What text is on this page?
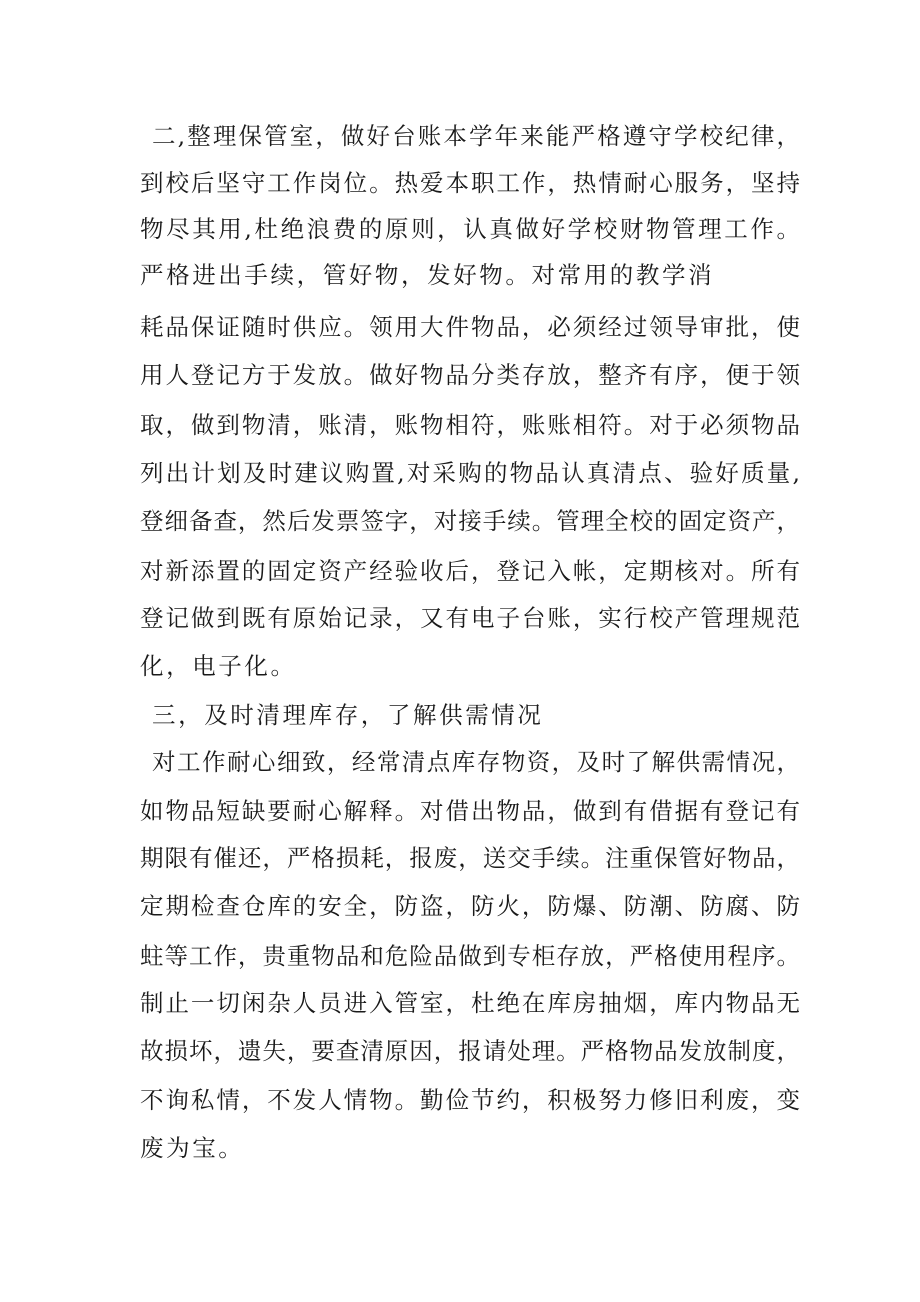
二,整理保管室，做好台账本学年来能严格遵守学校纪律，
到校后坚守工作岗位。热爱本职工作，热情耐心服务，坚持
物尽其用,杜绝浪费的原则，认真做好学校财物管理工作。
严格进出手续，管好物，发好物。对常用的教学消
耗品保证随时供应。领用大件物品，必须经过领导审批，使
用人登记方于发放。做好物品分类存放，整齐有序，便于领
取，做到物清，账清，账物相符，账账相符。对于必须物品
列出计划及时建议购置,对采购的物品认真清点、验好质量,
登细备查，然后发票签字，对接手续。管理全校的固定资产，
对新添置的固定资产经验收后，登记入帐，定期核对。所有
登记做到既有原始记录，又有电子台账，实行校产管理规范
化，电子化。
三，及时清理库存，了解供需情况
对工作耐心细致，经常清点库存物资，及时了解供需情况，
如物品短缺要耐心解释。对借出物品，做到有借据有登记有
期限有催还，严格损耗，报废，送交手续。注重保管好物品，
定期检查仓库的安全，防盗，防火，防爆、防潮、防腐、防
蛀等工作，贵重物品和危险品做到专柜存放，严格使用程序。
制止一切闲杂人员进入管室，杜绝在库房抽烟，库内物品无
故损坏，遗失，要查清原因，报请处理。严格物品发放制度，
不询私情，不发人情物。勤俭节约，积极努力修旧利废，变
废为宝。
